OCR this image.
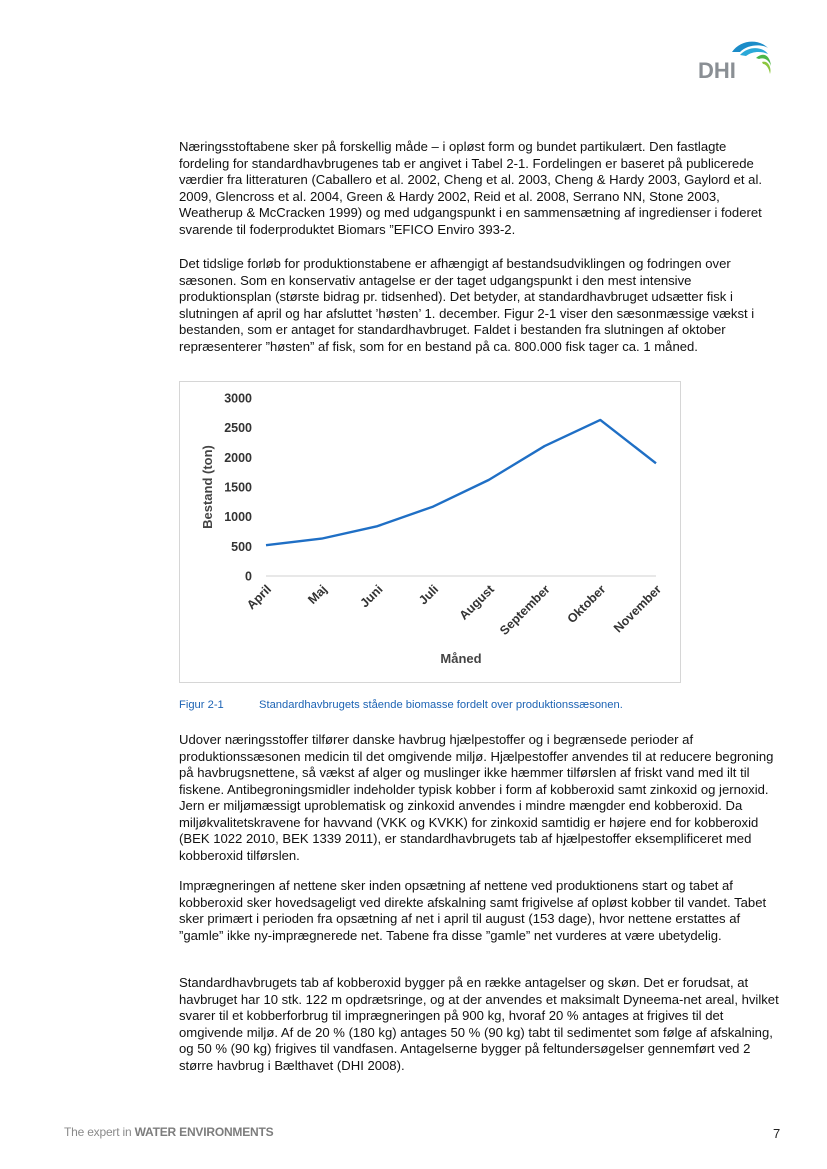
DHI

Næringsstoftabene sker på forskellig måde – i opløst form og bundet partikulært. Den fastlagte fordeling for standardhavbrugenes tab er angivet i Tabel 2-1. Fordelingen er baseret på publicerede værdier fra litteraturen (Caballero et al. 2002, Cheng et al. 2003, Cheng & Hardy 2003, Gaylord et al. 2009, Glencross et al. 2004, Green & Hardy 2002, Reid et al. 2008, Serrano NN, Stone 2003, Weatherup & McCracken 1999) og med udgangspunkt i en sammensætning af ingredienser i foderet svarende til foderproduktet Biomars ”EFICO Enviro 393-2.

Det tidslige forløb for produktionstabene er afhængigt af bestandsudviklingen og fodringen over sæsonen. Som en konservativ antagelse er der taget udgangspunkt i den mest intensive produktionsplan (største bidrag pr. tidsenhed). Det betyder, at standardhavbruget udsætter fisk i slutningen af april og har afsluttet ’høsten’ 1. december. Figur 2-1 viser den sæsonmæssige vækst i bestanden, som er antaget for standardhavbruget. Faldet i bestanden fra slutningen af oktober repræsenterer ”høsten” af fisk, som for en bestand på ca. 800.000 fisk tager ca. 1 måned.

0
500
1000
1500
2000
2500
3000
April Maj Juni Juli August September Oktober November
Bestand (ton)
Måned
Figur 2-1	Standardhavbrugets stående biomasse fordelt over produktionssæsonen.

Udover næringsstoffer tilfører danske havbrug hjælpestoffer og i begrænsede perioder af produktionssæsonen medicin til det omgivende miljø. Hjælpestoffer anvendes til at reducere begroning på havbrugsnettene, så vækst af alger og muslinger ikke hæmmer tilførslen af friskt vand med ilt til fiskene. Antibegroningsmidler indeholder typisk kobber i form af kobberoxid samt zinkoxid og jernoxid. Jern er miljømæssigt uproblematisk og zinkoxid anvendes i mindre mængder end kobberoxid. Da miljøkvalitetskravene for havvand (VKK og KVKK) for zinkoxid samtidig er højere end for kobberoxid (BEK 1022 2010, BEK 1339 2011), er standardhavbrugets tab af hjælpestoffer eksemplificeret med kobberoxid tilførslen.

Imprægneringen af nettene sker inden opsætning af nettene ved produktionens start og tabet af kobberoxid sker hovedsageligt ved direkte afskalning samt frigivelse af opløst kobber til vandet. Tabet sker primært i perioden fra opsætning af net i april til august (153 dage), hvor nettene erstattes af ”gamle” ikke ny-imprægnerede net. Tabene fra disse ”gamle” net vurderes at være ubetydelig.

Standardhavbrugets tab af kobberoxid bygger på en række antagelser og skøn. Det er forudsat, at havbruget har 10 stk. 122 m opdrætsringe, og at der anvendes et maksimalt Dyneema-net areal, hvilket svarer til et kobberforbrug til imprægneringen på 900 kg, hvoraf 20 % antages at frigives til det omgivende miljø. Af de 20 % (180 kg) antages 50 % (90 kg) tabt til sedimentet som følge af afskalning, og 50 % (90 kg) frigives til vandfasen. Antagelserne bygger på feltundersøgelser gennemført ved 2 større havbrug i Bælthavet (DHI 2008).

The expert in WATER ENVIRONMENTS	7
